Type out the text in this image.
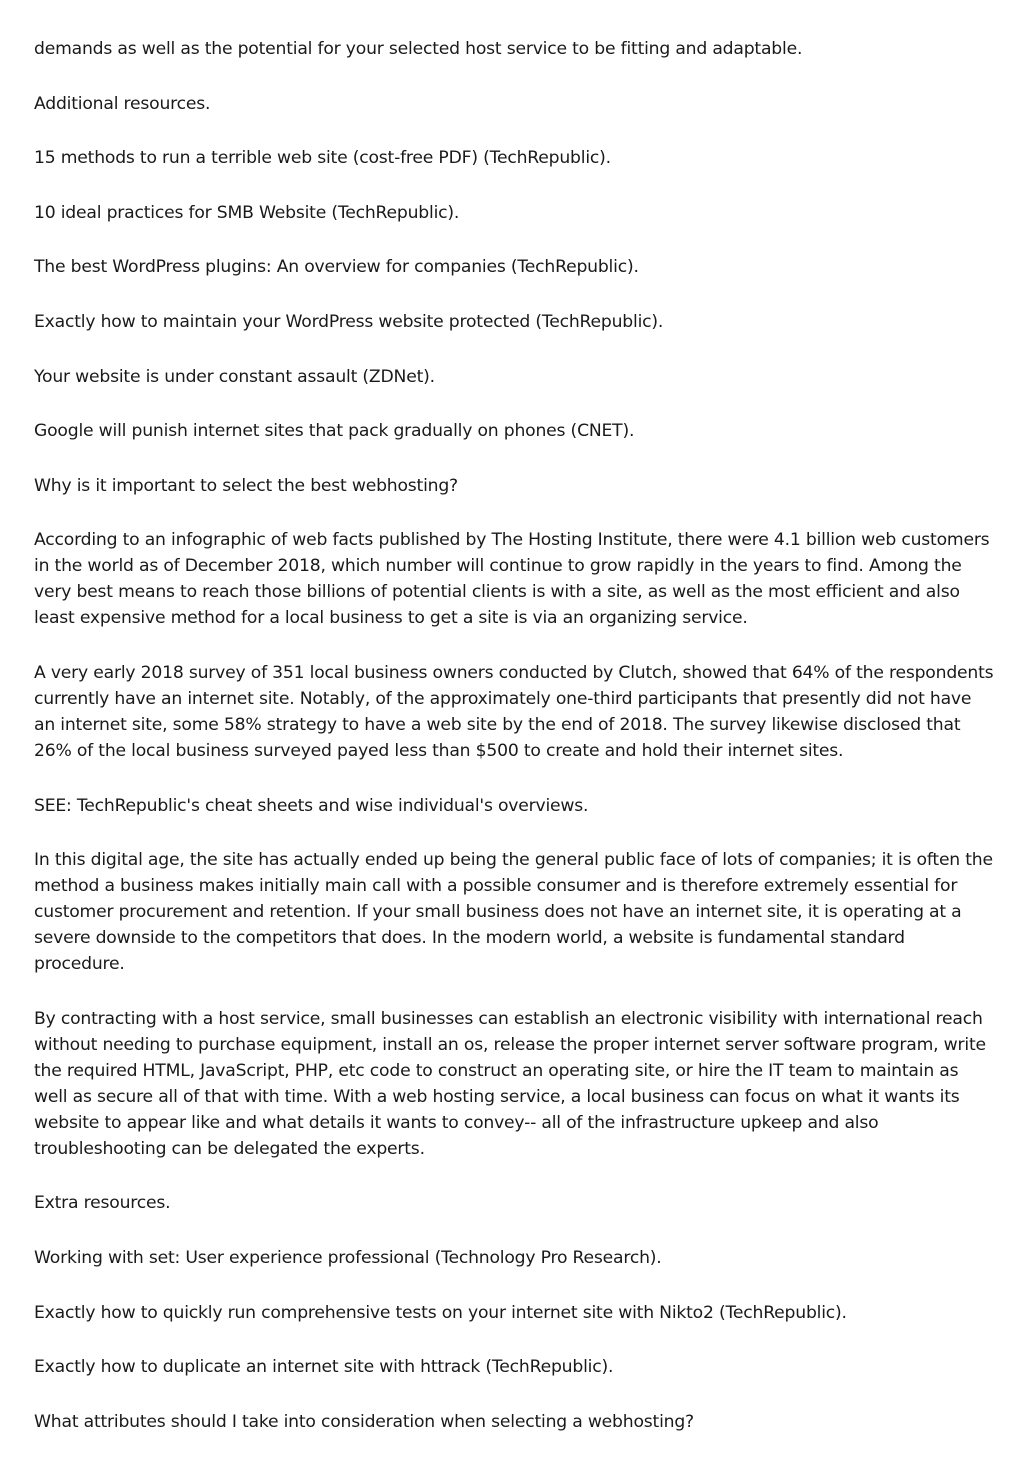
demands as well as the potential for your selected host service to be fitting and adaptable.

Additional resources.

15 methods to run a terrible web site (cost-free PDF) (TechRepublic).

10 ideal practices for SMB Website (TechRepublic).

The best WordPress plugins: An overview for companies (TechRepublic).

Exactly how to maintain your WordPress website protected (TechRepublic).

Your website is under constant assault (ZDNet).

Google will punish internet sites that pack gradually on phones (CNET).

Why is it important to select the best webhosting?

According to an infographic of web facts published by The Hosting Institute, there were 4.1 billion web customers in the world as of December 2018, which number will continue to grow rapidly in the years to find. Among the very best means to reach those billions of potential clients is with a site, as well as the most efficient and also least expensive method for a local business to get a site is via an organizing service.

A very early 2018 survey of 351 local business owners conducted by Clutch, showed that 64% of the respondents currently have an internet site. Notably, of the approximately one-third participants that presently did not have an internet site, some 58% strategy to have a web site by the end of 2018. The survey likewise disclosed that 26% of the local business surveyed payed less than $500 to create and hold their internet sites.

SEE: TechRepublic's cheat sheets and wise individual's overviews.

In this digital age, the site has actually ended up being the general public face of lots of companies; it is often the method a business makes initially main call with a possible consumer and is therefore extremely essential for customer procurement and retention. If your small business does not have an internet site, it is operating at a severe downside to the competitors that does. In the modern world, a website is fundamental standard procedure.

By contracting with a host service, small businesses can establish an electronic visibility with international reach without needing to purchase equipment, install an os, release the proper internet server software program, write the required HTML, JavaScript, PHP, etc code to construct an operating site, or hire the IT team to maintain as well as secure all of that with time. With a web hosting service, a local business can focus on what it wants its website to appear like and what details it wants to convey-- all of the infrastructure upkeep and also troubleshooting can be delegated the experts.

Extra resources.

Working with set: User experience professional (Technology Pro Research).

Exactly how to quickly run comprehensive tests on your internet site with Nikto2 (TechRepublic).

Exactly how to duplicate an internet site with httrack (TechRepublic).

What attributes should I take into consideration when selecting a webhosting?
